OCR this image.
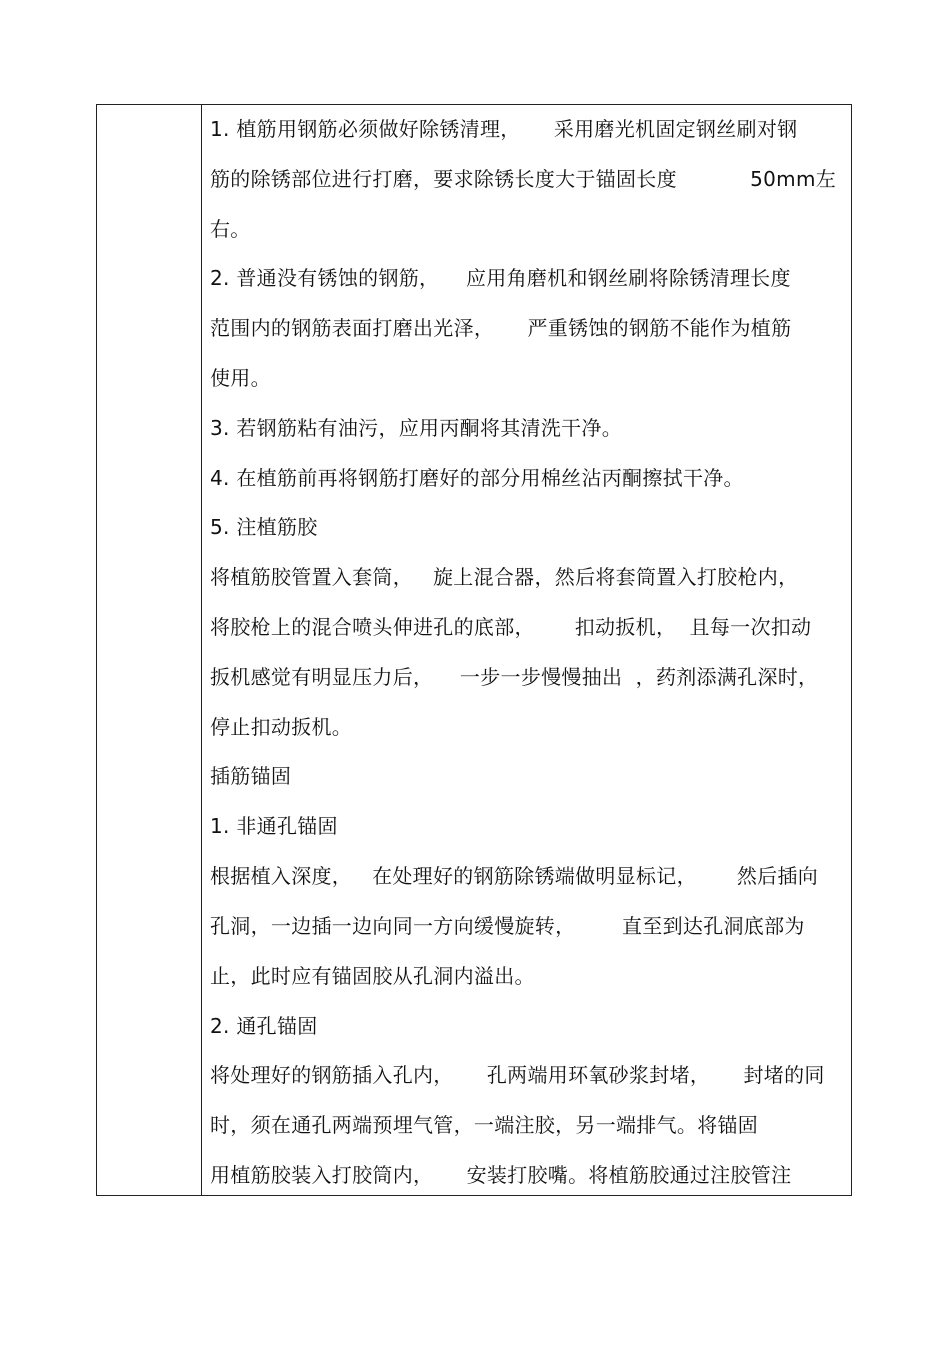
1. 植筋用钢筋必须做好除锈清理，     采用磨光机固定钢丝刷对钢
筋的除锈部位进行打磨，要求除锈长度大于锚固长度           50mm左
右。
2. 普通没有锈蚀的钢筋，    应用角磨机和钢丝刷将除锈清理长度
范围内的钢筋表面打磨出光泽，     严重锈蚀的钢筋不能作为植筋
使用。
3. 若钢筋粘有油污，应用丙酮将其清洗干净。
4. 在植筋前再将钢筋打磨好的部分用棉丝沾丙酮擦拭干净。
5. 注植筋胶
将植筋胶管置入套筒，   旋上混合器，然后将套筒置入打胶枪内，
将胶枪上的混合喷头伸进孔的底部，      扣动扳机，  且每一次扣动
扳机感觉有明显压力后，    一步一步慢慢抽出  ，药剂添满孔深时，
停止扣动扳机。
插筋锚固
1. 非通孔锚固
根据植入深度，   在处理好的钢筋除锈端做明显标记，      然后插向
孔洞，一边插一边向同一方向缓慢旋转，       直至到达孔洞底部为
止，此时应有锚固胶从孔洞内溢出。
2. 通孔锚固
将处理好的钢筋插入孔内，     孔两端用环氧砂浆封堵，     封堵的同
时，须在通孔两端预埋气管，一端注胶，另一端排气。将锚固
用植筋胶装入打胶筒内，     安装打胶嘴。将植筋胶通过注胶管注
